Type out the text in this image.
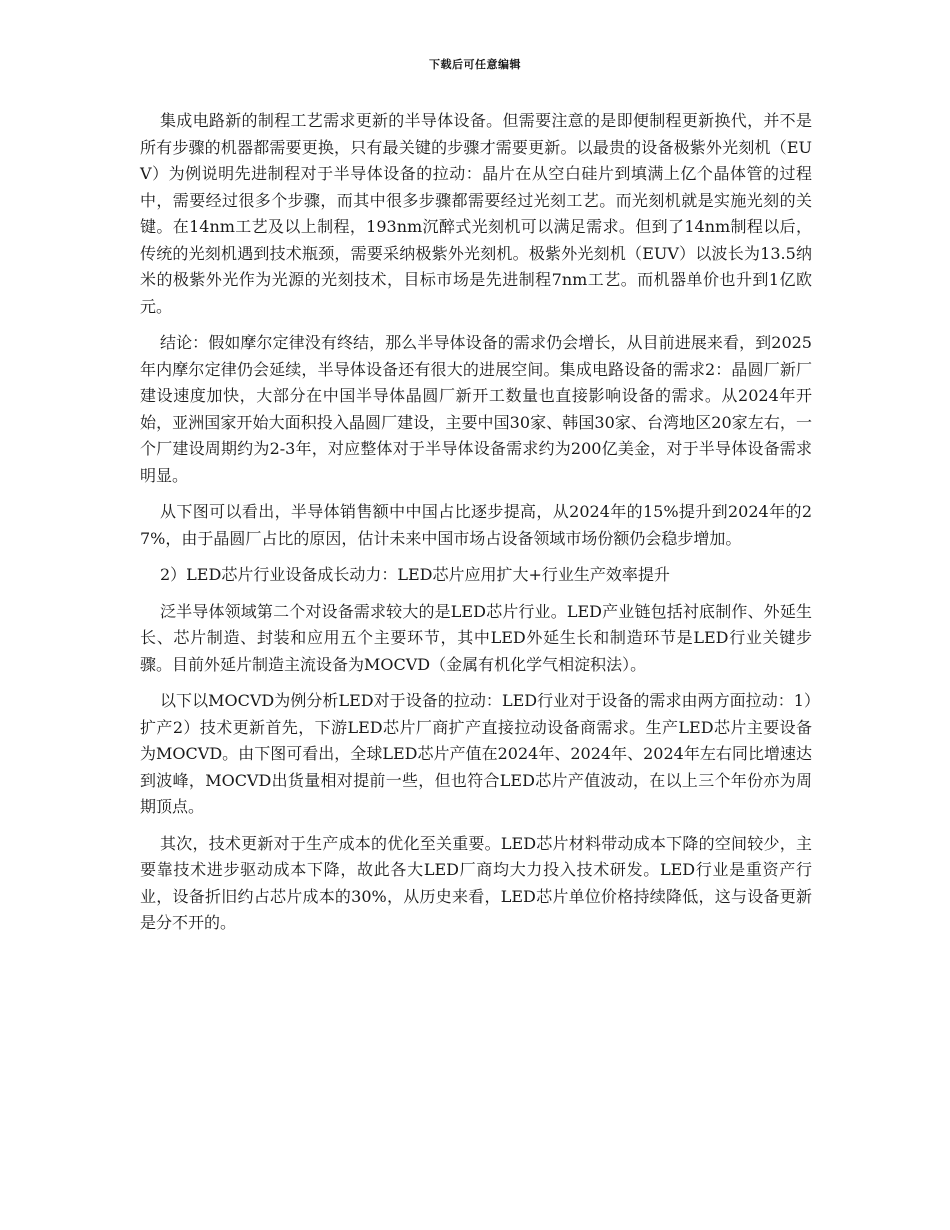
下载后可任意编辑

集成电路新的制程工艺需求更新的半导体设备。但需要注意的是即便制程更新换代，并不是所有步骤的机器都需要更换，只有最关键的步骤才需要更新。以最贵的设备极紫外光刻机（EUV）为例说明先进制程对于半导体设备的拉动：晶片在从空白硅片到填满上亿个晶体管的过程中，需要经过很多个步骤，而其中很多步骤都需要经过光刻工艺。而光刻机就是实施光刻的关键。在14nm工艺及以上制程，193nm沉醉式光刻机可以满足需求。但到了14nm制程以后，传统的光刻机遇到技术瓶颈，需要采纳极紫外光刻机。极紫外光刻机（EUV）以波长为13.5纳米的极紫外光作为光源的光刻技术，目标市场是先进制程7nm工艺。而机器单价也升到1亿欧元。

结论：假如摩尔定律没有终结，那么半导体设备的需求仍会增长，从目前进展来看，到2025年内摩尔定律仍会延续，半导体设备还有很大的进展空间。集成电路设备的需求2：晶圆厂新厂建设速度加快，大部分在中国半导体晶圆厂新开工数量也直接影响设备的需求。从2024年开始，亚洲国家开始大面积投入晶圆厂建设，主要中国30家、韩国30家、台湾地区20家左右，一个厂建设周期约为2-3年，对应整体对于半导体设备需求约为200亿美金，对于半导体设备需求明显。

从下图可以看出，半导体销售额中中国占比逐步提高，从2024年的15%提升到2024年的27%，由于晶圆厂占比的原因，估计未来中国市场占设备领域市场份额仍会稳步增加。

2）LED芯片行业设备成长动力：LED芯片应用扩大+行业生产效率提升

泛半导体领域第二个对设备需求较大的是LED芯片行业。LED产业链包括衬底制作、外延生长、芯片制造、封装和应用五个主要环节，其中LED外延生长和制造环节是LED行业关键步骤。目前外延片制造主流设备为MOCVD（金属有机化学气相淀积法）。

以下以MOCVD为例分析LED对于设备的拉动：LED行业对于设备的需求由两方面拉动：1）扩产2）技术更新首先，下游LED芯片厂商扩产直接拉动设备商需求。生产LED芯片主要设备为MOCVD。由下图可看出，全球LED芯片产值在2024年、2024年、2024年左右同比增速达到波峰，MOCVD出货量相对提前一些，但也符合LED芯片产值波动，在以上三个年份亦为周期顶点。

其次，技术更新对于生产成本的优化至关重要。LED芯片材料带动成本下降的空间较少，主要靠技术进步驱动成本下降，故此各大LED厂商均大力投入技术研发。LED行业是重资产行业，设备折旧约占芯片成本的30%，从历史来看，LED芯片单位价格持续降低，这与设备更新是分不开的。
